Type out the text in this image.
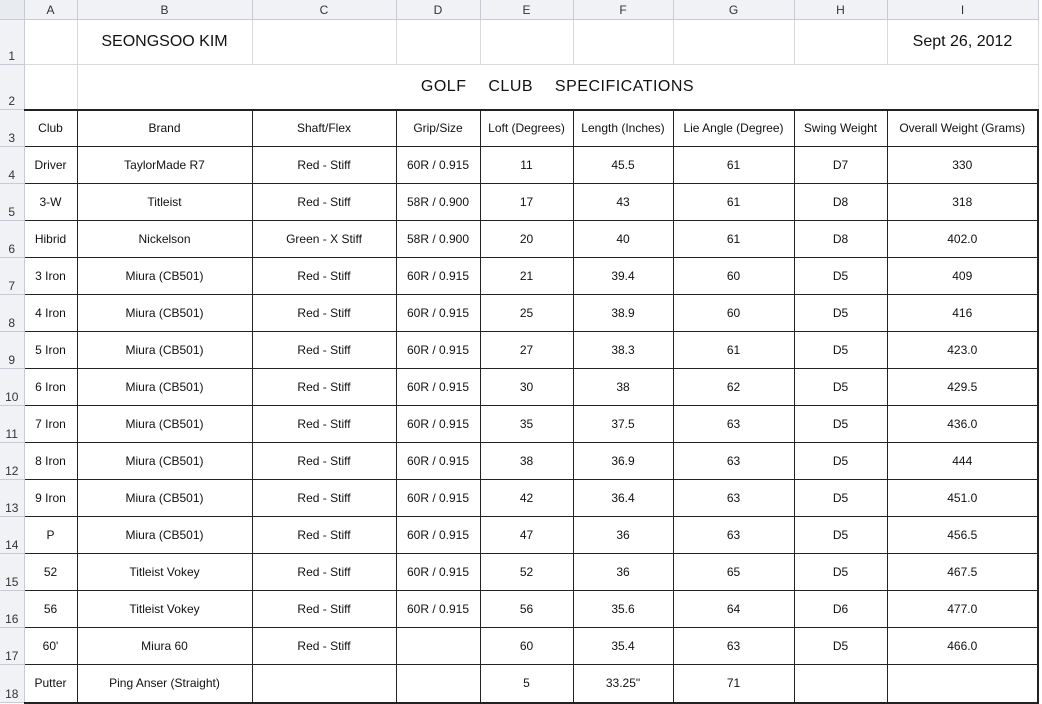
	A	B	C	D	E	F	G	H	I
1		SEONGSOO KIM							Sept 26, 2012
2		GOLF  CLUB  SPECIFICATIONS							
3	Club	Brand	Shaft/Flex	Grip/Size	Loft (Degrees)	Length (Inches)	Lie Angle (Degree)	Swing Weight	Overall Weight (Grams)
4	Driver	TaylorMade R7	Red - Stiff	60R / 0.915	11	45.5	61	D7	330
5	3-W	Titleist	Red - Stiff	58R / 0.900	17	43	61	D8	318
6	Hibrid	Nickelson	Green - X Stiff	58R / 0.900	20	40	61	D8	402.0
7	3 Iron	Miura (CB501)	Red - Stiff	60R / 0.915	21	39.4	60	D5	409
8	4 Iron	Miura (CB501)	Red - Stiff	60R / 0.915	25	38.9	60	D5	416
9	5 Iron	Miura (CB501)	Red - Stiff	60R / 0.915	27	38.3	61	D5	423.0
10	6 Iron	Miura (CB501)	Red - Stiff	60R / 0.915	30	38	62	D5	429.5
11	7 Iron	Miura (CB501)	Red - Stiff	60R / 0.915	35	37.5	63	D5	436.0
12	8 Iron	Miura (CB501)	Red - Stiff	60R / 0.915	38	36.9	63	D5	444
13	9 Iron	Miura (CB501)	Red - Stiff	60R / 0.915	42	36.4	63	D5	451.0
14	P	Miura (CB501)	Red - Stiff	60R / 0.915	47	36	63	D5	456.5
15	52	Titleist Vokey	Red - Stiff	60R / 0.915	52	36	65	D5	467.5
16	56	Titleist Vokey	Red - Stiff	60R / 0.915	56	35.6	64	D6	477.0
17	60'	Miura 60	Red - Stiff		60	35.4	63	D5	466.0
18	Putter	Ping Anser (Straight)			5	33.25"	71		
